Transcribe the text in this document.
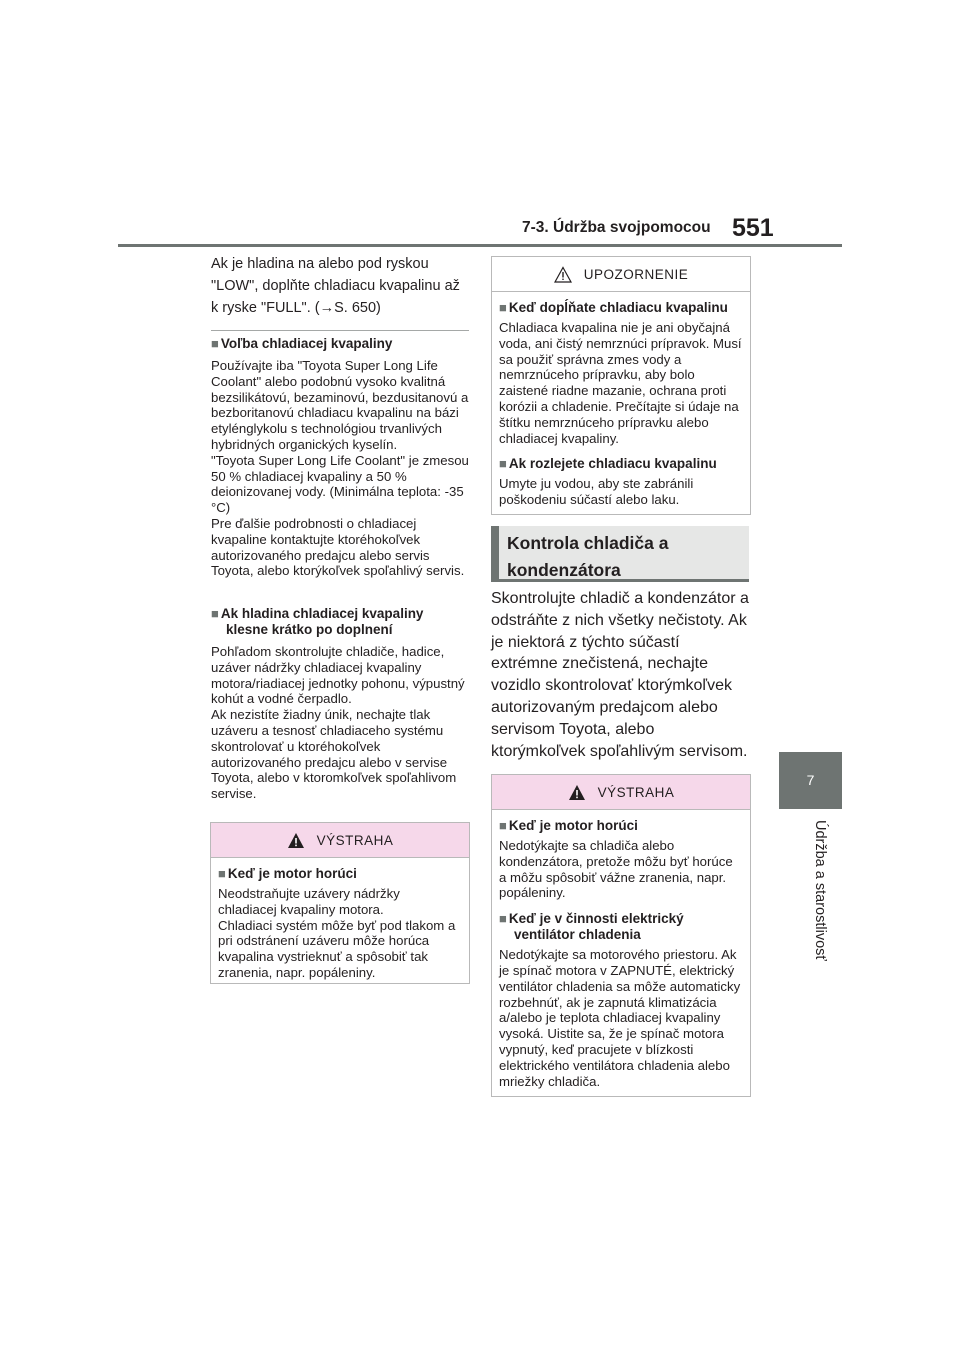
7-3. Údržba svojpomocou 551
7
Údržba a starostlivosť

Ak je hladina na alebo pod ryskou "LOW", doplňte chladiacu kvapalinu až k ryske "FULL". (→S. 650)

■ Voľba chladiacej kvapaliny

Používajte iba "Toyota Super Long Life Coolant" alebo podobnú vysoko kvalitná bezsilikátovú, bezaminovú, bezdusitanovú a bezboritanovú chladiacu kvapalinu na bázi etylénglykolu s technológiou trvanlivých hybridných organických kyselín.

"Toyota Super Long Life Coolant" je zmesou 50 % chladiacej kvapaliny a 50 % deionizovanej vody. (Minimálna teplota: -35 °C)

Pre ďalšie podrobnosti o chladiacej kvapaline kontaktujte ktoréhokoľvek autorizovaného predajcu alebo servis Toyota, alebo ktorýkoľvek spoľahlivý servis.

■ Ak hladina chladiacej kvapaliny klesne krátko po doplnení

Pohľadom skontrolujte chladiče, hadice, uzáver nádržky chladiacej kvapaliny motora/riadiacej jednotky pohonu, výpustný kohút a vodné čerpadlo.

Ak nezistíte žiadny únik, nechajte tlak uzáveru a tesnosť chladiaceho systému skontrolovať u ktoréhokoľvek autorizovaného predajcu alebo v servise Toyota, alebo v ktoromkoľvek spoľahlivom servise.

VÝSTRAHA

■ Keď je motor horúci

Neodstraňujte uzávery nádržky chladiacej kvapaliny motora.

Chladiaci systém môže byť pod tlakom a pri odstránení uzáveru môže horúca kvapalina vystrieknuť a spôsobiť tak zranenia, napr. popáleniny.

UPOZORNENIE

■ Keď dopĺňate chladiacu kvapalinu

Chladiaca kvapalina nie je ani obyčajná voda, ani čistý nemrznúci prípravok. Musí sa použiť správna zmes vody a nemrznúceho prípravku, aby bolo zaistené riadne mazanie, ochrana proti korózii a chladenie. Prečítajte si údaje na štítku nemrznúceho prípravku alebo chladiacej kvapaliny.

■ Ak rozlejete chladiacu kvapalinu

Umyte ju vodou, aby ste zabránili poškodeniu súčastí alebo laku.

Kontrola chladiča a kondenzátora

Skontrolujte chladič a kondenzátor a odstráňte z nich všetky nečistoty. Ak je niektorá z týchto súčastí extrémne znečistená, nechajte vozidlo skontrolovať ktorýmkoľvek autorizovaným predajcom alebo servisom Toyota, alebo ktorýmkoľvek spoľahlivým servisom.

VÝSTRAHA

■ Keď je motor horúci

Nedotýkajte sa chladiča alebo kondenzátora, pretože môžu byť horúce a môžu spôsobiť vážne zranenia, napr. popáleniny.

■ Keď je v činnosti elektrický ventilátor chladenia

Nedotýkajte sa motorového priestoru. Ak je spínač motora v ZAPNUTÉ, elektrický ventilátor chladenia sa môže automaticky rozbehnúť, ak je zapnutá klimatizácia a/alebo je teplota chladiacej kvapaliny vysoká. Uistite sa, že je spínač motora vypnutý, keď pracujete v blízkosti elektrického ventilátora chladenia alebo mriežky chladiča.
